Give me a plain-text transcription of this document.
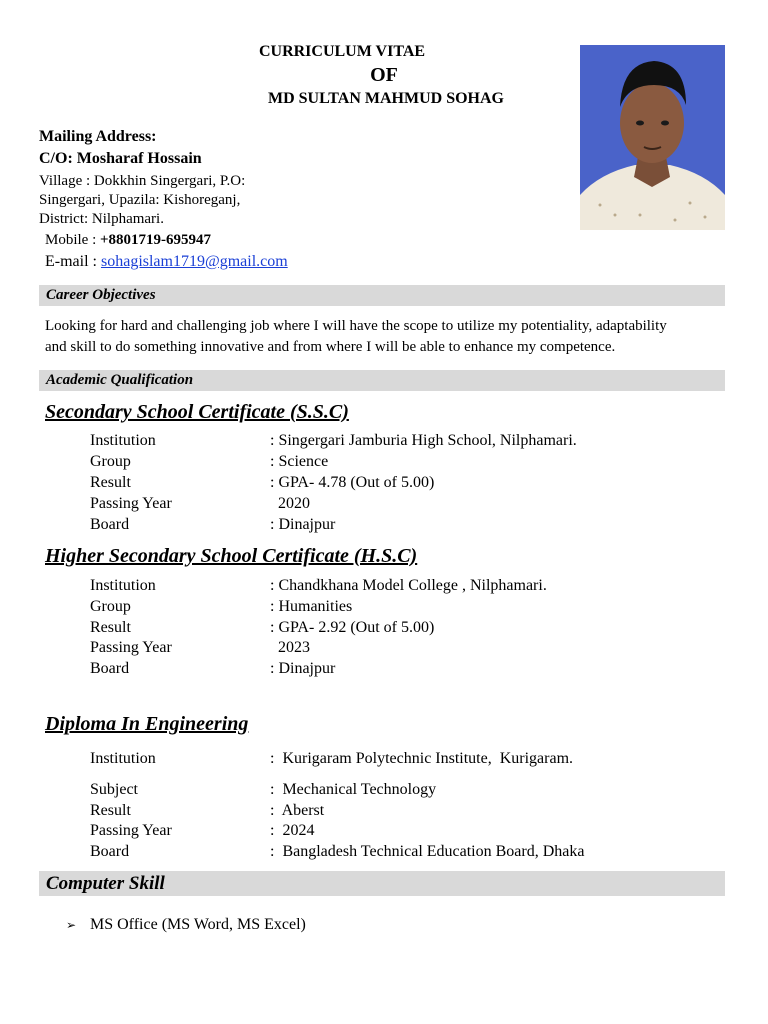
CURRICULUM VITAE
OF
MD SULTAN MAHMUD SOHAG
Mailing Address:
C/O: Mosharaf Hossain
Village : Dokkhin Singergari, P.O:
Singergari, Upazila: Kishoreganj,
District: Nilphamari.
Mobile : +8801719-695947
E-mail : sohagislam1719@gmail.com
Career Objectives
Looking for hard and challenging job where I will have the scope to utilize my potentiality, adaptability
and skill to do something innovative and from where I will be able to enhance my competence.
Academic Qualification
Secondary School Certificate (S.S.C)
Institution	: Singergari Jamburia High School, Nilphamari.
Group	: Science
Result	: GPA- 4.78 (Out of 5.00)
Passing Year	2020
Board	: Dinajpur
Higher Secondary School Certificate (H.S.C)
Institution	: Chandkhana Model College , Nilphamari.
Group	: Humanities
Result	: GPA- 2.92 (Out of 5.00)
Passing Year	2023
Board	: Dinajpur
Diploma In Engineering
Institution	:  Kurigaram Polytechnic Institute,  Kurigaram.
Subject	:  Mechanical Technology
Result	:  Aberst
Passing Year	:  2024
Board	:  Bangladesh Technical Education Board, Dhaka
Computer Skill
➢ MS Office (MS Word, MS Excel)
